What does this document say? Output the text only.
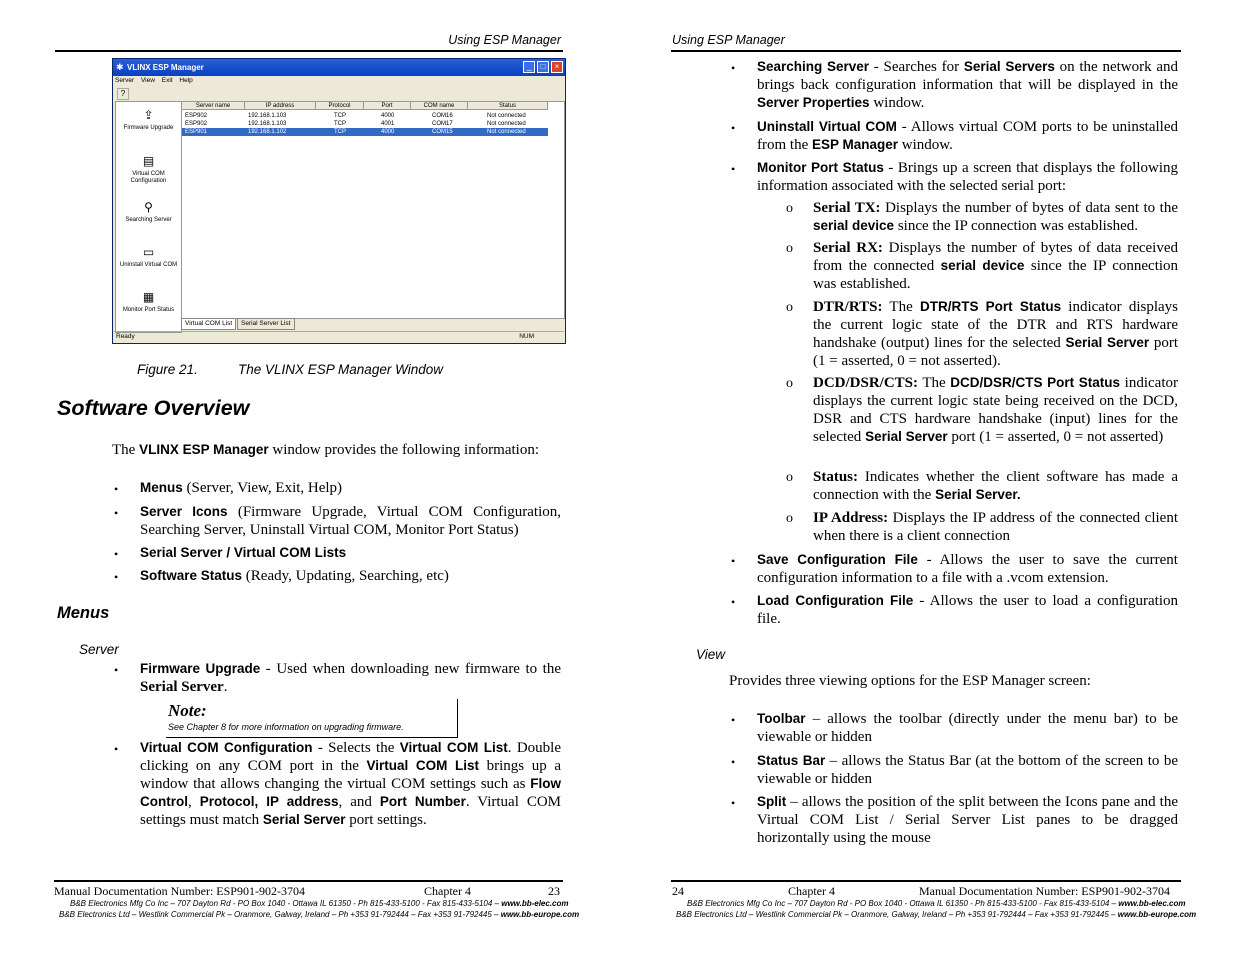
Using ESP Manager
VLINX ESP Manager
✱	_	□	×
Server View Exit Help
?
⇪
Firmware Upgrade
▤
Virtual COM Configuration
⚲
Searching Server
▭
Uninstall Virtual COM
▦
Monitor Port Status
Server name	IP address	Protocol	Port	COM name	Status
ESP902	192.168.1.103	TCP	4000	COM16	Not connected
ESP902	192.168.1.103	TCP	4001	COM17	Not connected
ESP901	192.168.1.102	TCP	4000	COM15	Not connected
Virtual COM List	Serial Server List
Ready	NUM
Figure 21.	The VLINX ESP Manager Window
Software Overview
The VLINX ESP Manager window provides the following information:
• Menus (Server, View, Exit, Help)
• Server Icons (Firmware Upgrade, Virtual COM Configuration, Searching Server, Uninstall Virtual COM, Monitor Port Status)
• Serial Server / Virtual COM Lists
• Software Status (Ready, Updating, Searching, etc)
Menus
Server
• Firmware Upgrade - Used when downloading new firmware to the Serial Server.
Note:
See Chapter 8 for more information on upgrading firmware.
• Virtual COM Configuration - Selects the Virtual COM List. Double clicking on any COM port in the Virtual COM List brings up a window that allows changing the virtual COM settings such as Flow Control, Protocol, IP address, and Port Number. Virtual COM settings must match Serial Server port settings.
Manual Documentation Number: ESP901-902-3704	Chapter 4	23
B&B Electronics Mfg Co Inc – 707 Dayton Rd - PO Box 1040 - Ottawa IL 61350 - Ph 815-433-5100 - Fax 815-433-5104 – www.bb-elec.com
B&B Electronics Ltd – Westlink Commercial Pk – Oranmore, Galway, Ireland – Ph +353 91-792444 – Fax +353 91-792445 – www.bb-europe.com
Using ESP Manager
• Searching Server - Searches for Serial Servers on the network and brings back configuration information that will be displayed in the Server Properties window.
• Uninstall Virtual COM - Allows virtual COM ports to be uninstalled from the ESP Manager window.
• Monitor Port Status - Brings up a screen that displays the following information associated with the selected serial port:
o Serial TX: Displays the number of bytes of data sent to the serial device since the IP connection was established.
o Serial RX: Displays the number of bytes of data received from the connected serial device since the IP connection was established.
o DTR/RTS: The DTR/RTS Port Status indicator displays the current logic state of the DTR and RTS hardware handshake (output) lines for the selected Serial Server port (1 = asserted, 0 = not asserted).
o DCD/DSR/CTS: The DCD/DSR/CTS Port Status indicator displays the current logic state being received on the DCD, DSR and CTS hardware handshake (input) lines for the selected Serial Server port (1 = asserted, 0 = not asserted)
o Status: Indicates whether the client software has made a connection with the Serial Server.
o IP Address: Displays the IP address of the connected client when there is a client connection
• Save Configuration File - Allows the user to save the current configuration information to a file with a .vcom extension.
• Load Configuration File - Allows the user to load a configuration file.
View
Provides three viewing options for the ESP Manager screen:
• Toolbar – allows the toolbar (directly under the menu bar) to be viewable or hidden
• Status Bar – allows the Status Bar (at the bottom of the screen to be viewable or hidden
• Split – allows the position of the split between the Icons pane and the Virtual COM List / Serial Server List panes to be dragged horizontally using the mouse
24	Chapter 4	Manual Documentation Number: ESP901-902-3704
B&B Electronics Mfg Co Inc – 707 Dayton Rd - PO Box 1040 - Ottawa IL 61350 - Ph 815-433-5100 - Fax 815-433-5104 – www.bb-elec.com
B&B Electronics Ltd – Westlink Commercial Pk – Oranmore, Galway, Ireland – Ph +353 91-792444 – Fax +353 91-792445 – www.bb-europe.com
